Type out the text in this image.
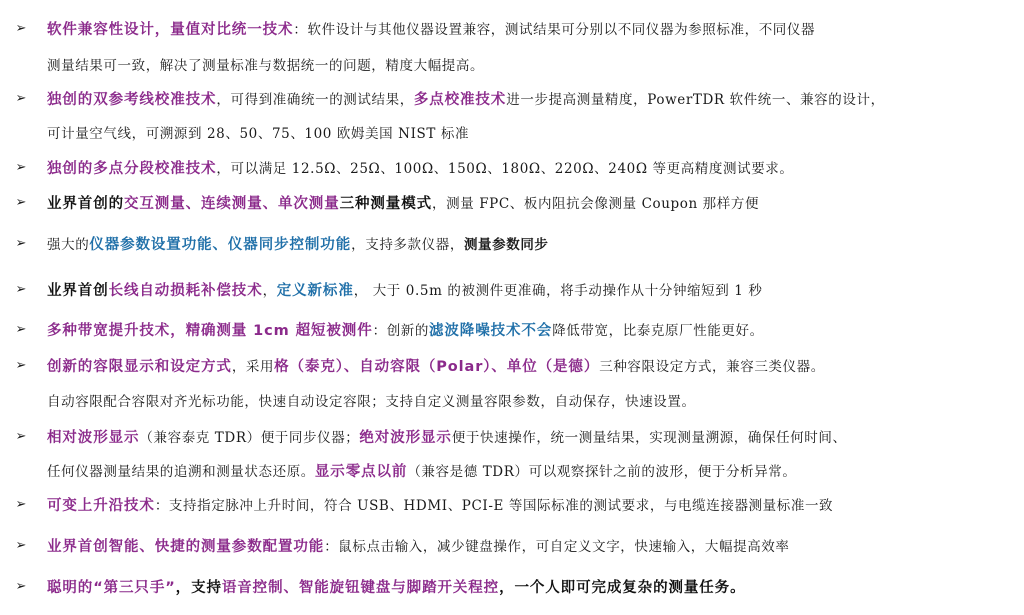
➢ 软件兼容性设计，量值对比统一技术：软件设计与其他仪器设置兼容，测试结果可分别以不同仪器为参照标准，不同仪器
测量结果可一致，解决了测量标准与数据统一的问题，精度大幅提高。
➢ 独创的双参考线校准技术，可得到准确统一的测试结果，多点校准技术进一步提高测量精度，PowerTDR 软件统一、兼容的设计，
可计量空气线，可溯源到 28、50、75、100 欧姆美国 NIST 标准
➢ 独创的多点分段校准技术，可以满足 12.5Ω、25Ω、100Ω、150Ω、180Ω、220Ω、240Ω 等更高精度测试要求。
➢ 业界首创的交互测量、连续测量、单次测量三种测量模式，测量 FPC、板内阻抗会像测量 Coupon 那样方便
➢ 强大的仪器参数设置功能、仪器同步控制功能，支持多款仪器，测量参数同步
➢ 业界首创长线自动损耗补偿技术，定义新标准， 大于 0.5m 的被测件更准确，将手动操作从十分钟缩短到 1 秒
➢ 多种带宽提升技术，精确测量 1cm 超短被测件：创新的滤波降噪技术不会降低带宽，比泰克原厂性能更好。
➢ 创新的容限显示和设定方式，采用格（泰克）、自动容限（Polar）、单位（是德）三种容限设定方式，兼容三类仪器。
自动容限配合容限对齐光标功能，快速自动设定容限；支持自定义测量容限参数，自动保存，快速设置。
➢ 相对波形显示（兼容泰克 TDR）便于同步仪器；绝对波形显示便于快速操作，统一测量结果，实现测量溯源，确保任何时间、
任何仪器测量结果的追溯和测量状态还原。显示零点以前（兼容是德 TDR）可以观察探针之前的波形，便于分析异常。
➢ 可变上升沿技术：支持指定脉冲上升时间，符合 USB、HDMI、PCI-E 等国际标准的测试要求，与电缆连接器测量标准一致
➢ 业界首创智能、快捷的测量参数配置功能：鼠标点击输入，减少键盘操作，可自定义文字，快速输入，大幅提高效率
➢ 聪明的“第三只手”，支持语音控制、智能旋钮键盘与脚踏开关程控，一个人即可完成复杂的测量任务。
